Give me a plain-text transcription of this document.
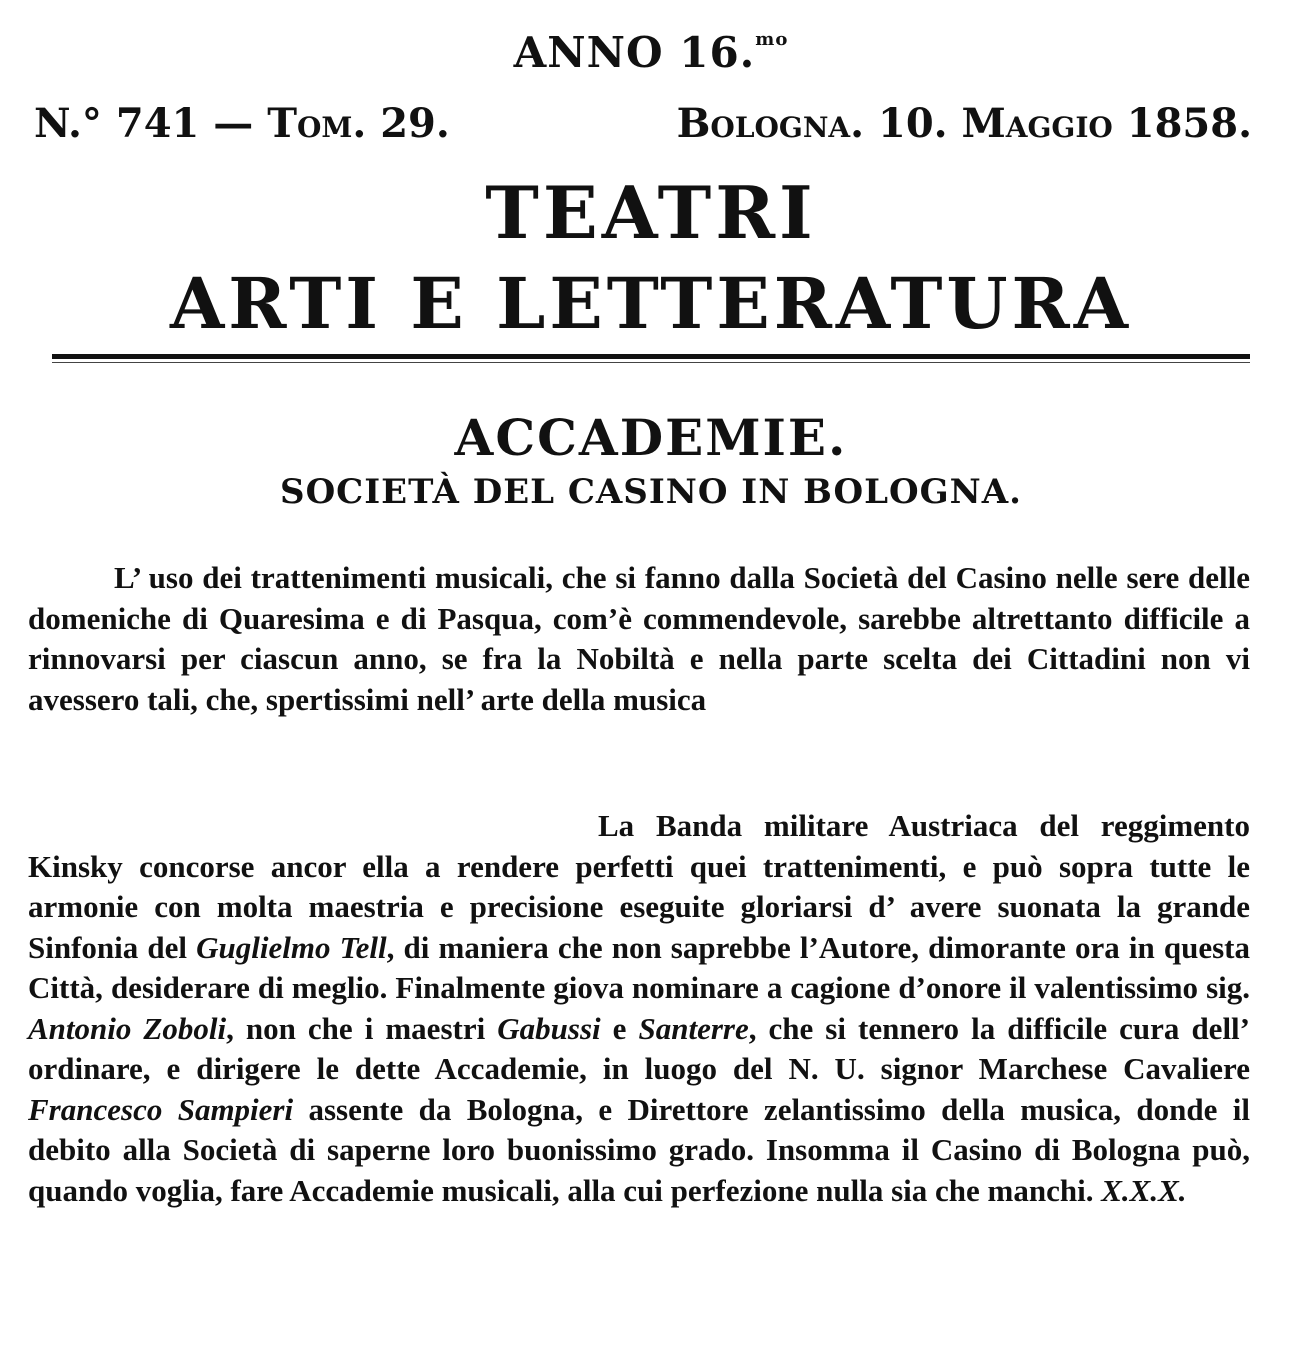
ANNO 16.$^{mo}$
N.° 741 — Tom. 29.	Bologna. 10. Maggio 1858.
TEATRI
ARTI E LETTERATURA
ACCADEMIE.
SOCIETÀ DEL CASINO IN BOLOGNA.

L’ uso dei trattenimenti musicali, che si fanno dalla Società del Casino nelle sere delle domeniche di Quaresima e di Pasqua, com’è commendevole, sarebbe altrettanto difficile a rinnovarsi per ciascun anno, se fra la Nobiltà e nella parte scelta dei Cittadini non vi avessero tali, che, spertissimi nell’ arte della musica

La Banda militare Austriaca del reggimento Kinsky concorse ancor ella a rendere perfetti quei trattenimenti, e può sopra tutte le armonie con molta maestria e precisione eseguite gloriarsi d’ avere suonata la grande Sinfonia del Guglielmo Tell, di maniera che non saprebbe l’Autore, dimorante ora in questa Città, desiderare di meglio. Finalmente giova nominare a cagione d’onore il valentissimo sig. Antonio Zoboli, non che i maestri Gabussi e Santerre, che si tennero la difficile cura dell’ ordinare, e dirigere le dette Accademie, in luogo del N. U. signor Marchese Cavaliere Francesco Sampieri assente da Bologna, e Direttore zelantissimo della musica, donde il debito alla Società di saperne loro buonissimo grado. Insomma il Casino di Bologna può, quando voglia, fare Accademie musicali, alla cui perfezione nulla sia che manchi. X.X.X.
